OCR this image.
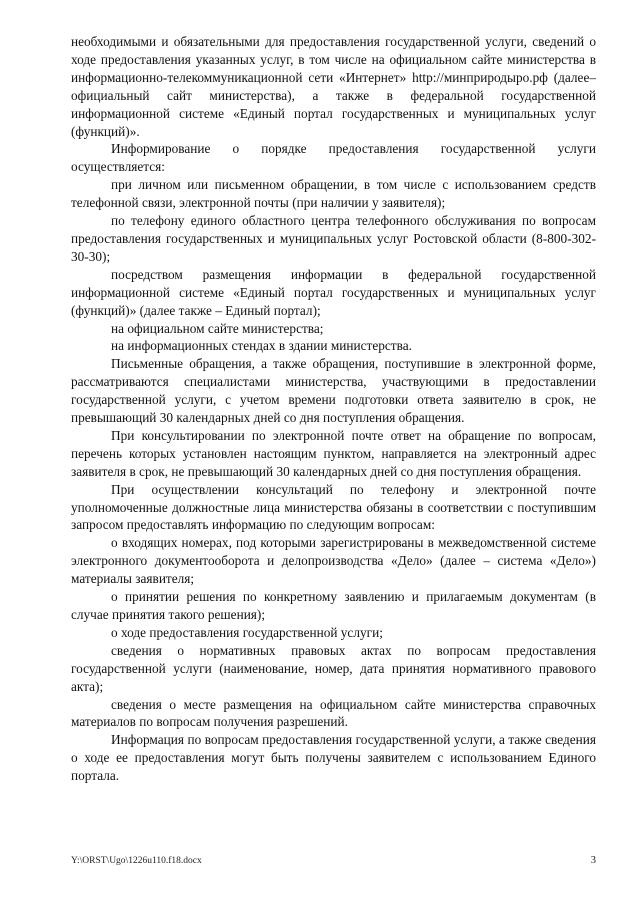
необходимыми и обязательными для предоставления государственной услуги, сведений о ходе предоставления указанных услуг, в том числе на официальном сайте министерства в информационно-телекоммуникационной сети «Интернет» http://минприродыро.рф (далее– официальный сайт министерства), а также в федеральной государственной информационной системе «Единый портал государственных и муниципальных услуг (функций)».

Информирование о порядке предоставления государственной услуги осуществляется:

при личном или письменном обращении, в том числе с использованием средств телефонной связи, электронной почты (при наличии у заявителя);

по телефону единого областного центра телефонного обслуживания по вопросам предоставления государственных и муниципальных услуг Ростовской области (8-800-302-30-30);

посредством размещения информации в федеральной государственной информационной системе «Единый портал государственных и муниципальных услуг (функций)» (далее также – Единый портал);

на официальном сайте министерства;

на информационных стендах в здании министерства.

Письменные обращения, а также обращения, поступившие в электронной форме, рассматриваются специалистами министерства, участвующими в предоставлении государственной услуги, с учетом времени подготовки ответа заявителю в срок, не превышающий 30 календарных дней со дня поступления обращения.

При консультировании по электронной почте ответ на обращение по вопросам, перечень которых установлен настоящим пунктом, направляется на электронный адрес заявителя в срок, не превышающий 30 календарных дней со дня поступления обращения.

При осуществлении консультаций по телефону и электронной почте уполномоченные должностные лица министерства обязаны в соответствии с поступившим запросом предоставлять информацию по следующим вопросам:

о входящих номерах, под которыми зарегистрированы в межведомственной системе электронного документооборота и делопроизводства «Дело» (далее – система «Дело») материалы заявителя;

о принятии решения по конкретному заявлению и прилагаемым документам (в случае принятия такого решения);

о ходе предоставления государственной услуги;

сведения о нормативных правовых актах по вопросам предоставления государственной услуги (наименование, номер, дата принятия нормативного правового акта);

сведения о месте размещения на официальном сайте министерства справочных материалов по вопросам получения разрешений.

Информация по вопросам предоставления государственной услуги, а также сведения о ходе ее предоставления могут быть получены заявителем с использованием Единого портала.

Y:\ORST\Ugo\1226u110.f18.docx	3
